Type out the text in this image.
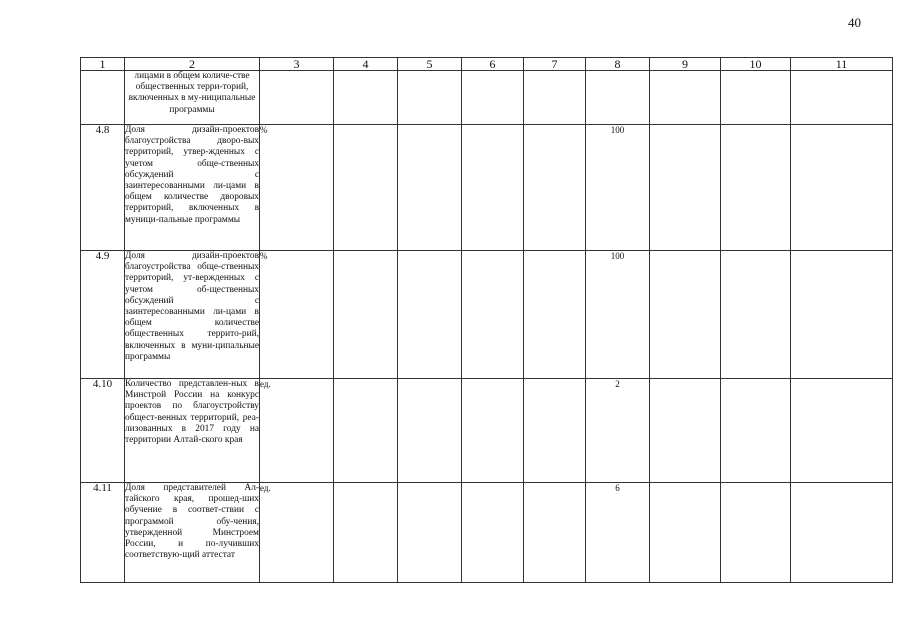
40
1	2	3	4	5	6	7	8	9	10	11

	лицами в общем количе-стве общественных терри-торий, включенных в му-ниципальные программы									

4.8	Доля дизайн-проектов благоустройства дворо-вых территорий, утвер-жденных с учетом обще-ственных обсуждений с заинтересованными ли-цами в общем количестве дворовых территорий, включенных в муници-пальные программы	%					100			
4.9	Доля дизайн-проектов благоустройства обще-ственных территорий, ут-вержденных с учетом об-щественных обсуждений с заинтересованными ли-цами в общем количестве общественных террито-рий, включенных в муни-ципальные программы	%					100			
4.10	Количество представлен-ных в Минстрой России на конкурс проектов по благоустройству общест-венных территорий, реа-лизованных в 2017 году на территории Алтай-ского края	ед.					2			
4.11	Доля представителей Ал-тайского края, прошед-ших обучение в соответ-ствии с программой обу-чения, утвержденной Минстроем России, и по-лучивших соответствую-щий аттестат	ед.					6			
